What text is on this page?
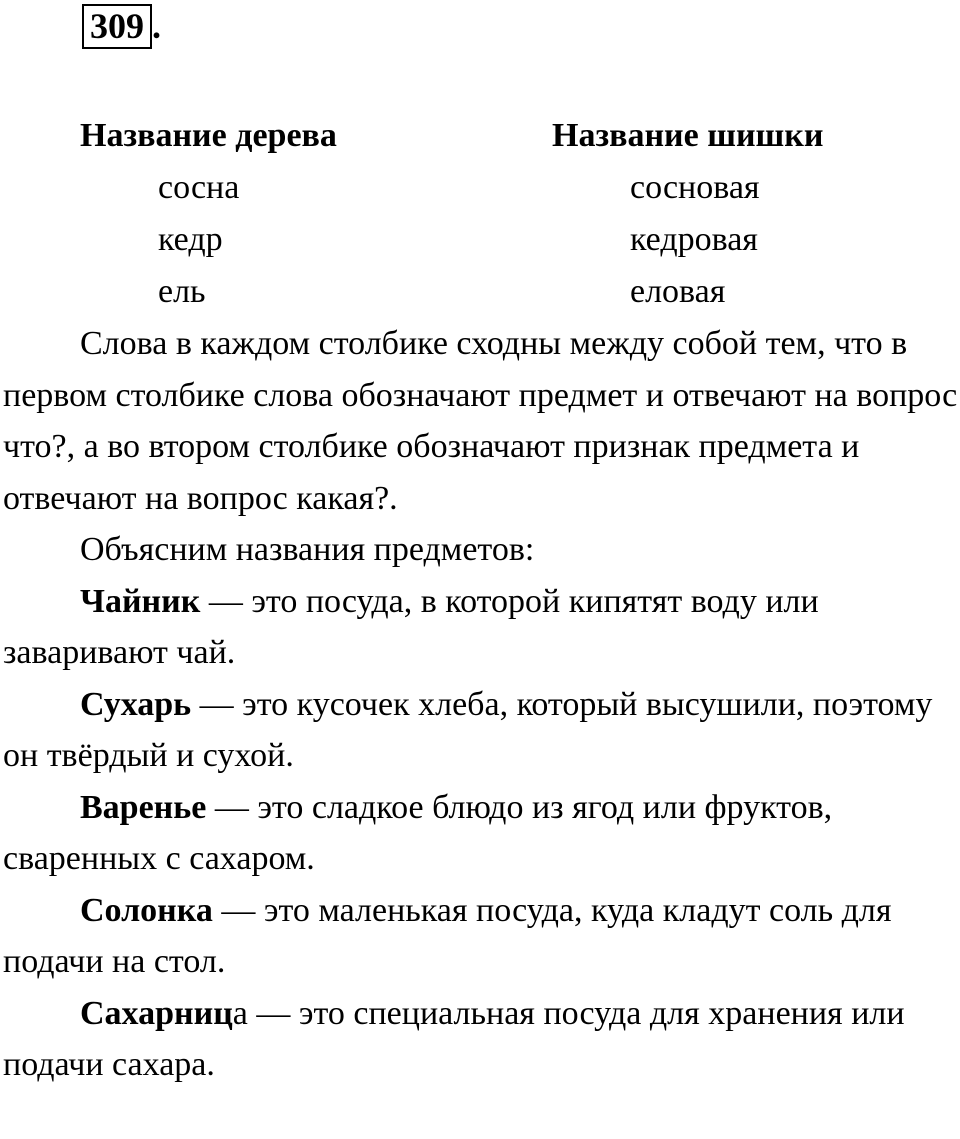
309 .
Название дерева	Название шишки
сосна	сосновая
кедр	кедровая
ель	еловая

Слова в каждом столбике сходны между собой тем, что в первом столбике слова обозначают предмет и отвечают на вопрос что?, а во втором столбике обозначают признак предмета и отвечают на вопрос какая?.

Объясним названия предметов:

Чайник — это посуда, в которой кипятят воду или заваривают чай.

Сухарь — это кусочек хлеба, который высушили, поэтому он твёрдый и сухой.

Варенье — это сладкое блюдо из ягод или фруктов, сваренных с сахаром.

Солонка — это маленькая посуда, куда кладут соль для подачи на стол.

Сахарница — это специальная посуда для хранения или подачи сахара.
